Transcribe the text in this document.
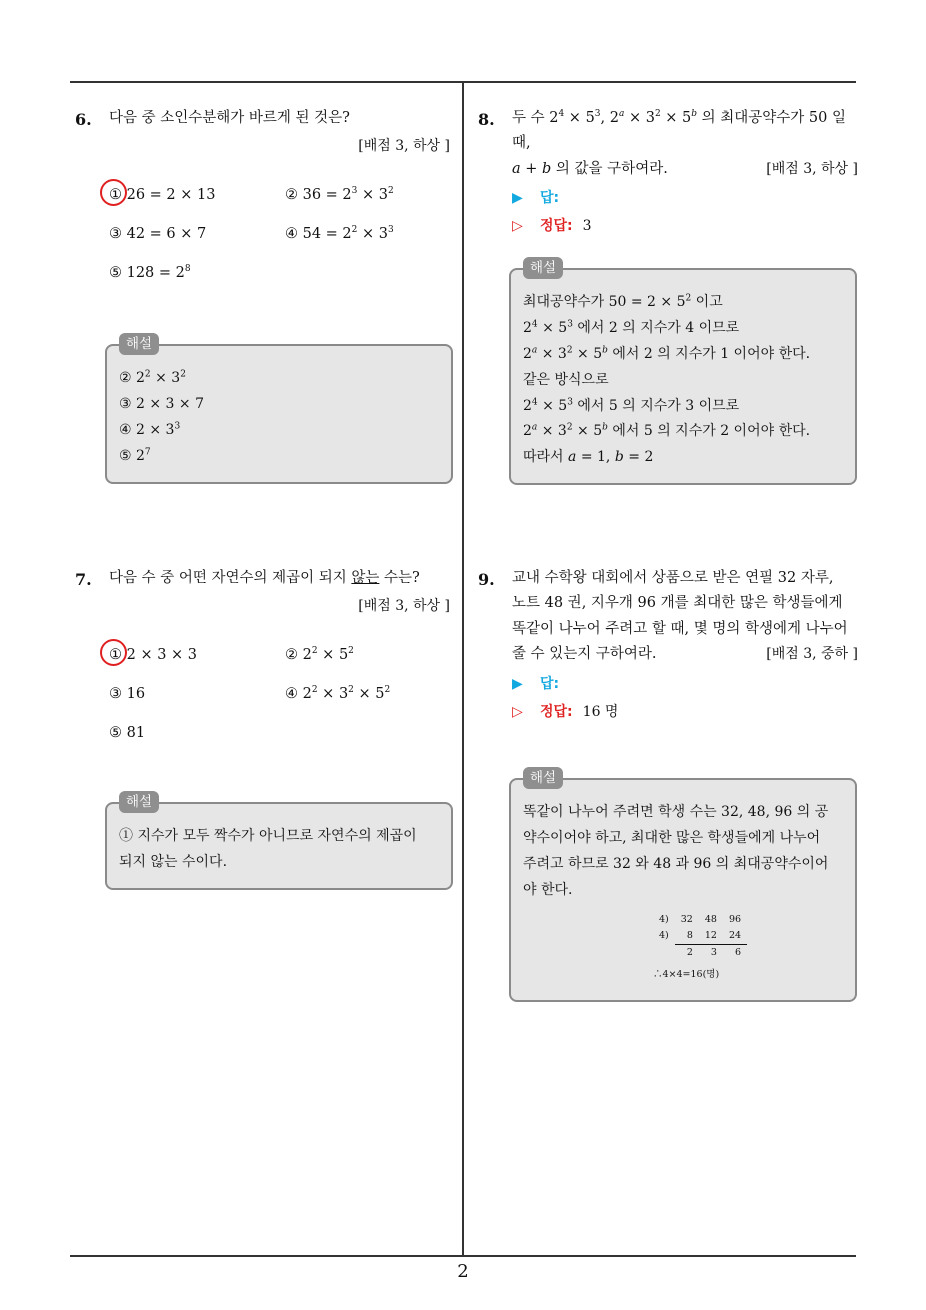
6.	다음 중 소인수분해가 바르게 된 것은?
[배점 3, 하상 ]
① 26 = 2 × 13	② $36 = 2^3 \times 3^2$
③ 42 = 6 × 7	④ $54 = 2^2 \times 3^3$
⑤ $128 = 2^8$
해설
② $2^2 \times 3^2$
③ 2 × 3 × 7
④ $2 \times 3^3$
⑤ $2^7$
7.	다음 수 중 어떤 자연수의 제곱이 되지 않는 수는?
[배점 3, 하상 ]
① 2 × 3 × 3	② $2^2 \times 5^2$
③ 16	④ $2^2 \times 3^2 \times 5^2$
⑤ 81
해설
① 지수가 모두 짝수가 아니므로 자연수의 제곱이
되지 않는 수이다.
8.	두 수 $2^4 \times 5^3$, $2^a \times 3^2 \times 5^b$ 의 최대공약수가 50 일 때,
a + b 의 값을 구하여라.	[배점 3, 하상 ]
▶	답:
▷	정답: 3
해설
최대공약수가 $50 = 2 \times 5^2$ 이고
$2^4 \times 5^3$ 에서 2 의 지수가 4 이므로
$2^a \times 3^2 \times 5^b$ 에서 2 의 지수가 1 이어야 한다.
같은 방식으로
$2^4 \times 5^3$ 에서 5 의 지수가 3 이므로
$2^a \times 3^2 \times 5^b$ 에서 5 의 지수가 2 이어야 한다.
따라서 a = 1, b = 2
9.	교내 수학왕 대회에서 상품으로 받은 연필 32 자루,
노트 48 권, 지우개 96 개를 최대한 많은 학생들에게
똑같이 나누어 주려고 할 때, 몇 명의 학생에게 나누어
줄 수 있는지 구하여라.	[배점 3, 중하 ]
▶	답:
▷	정답: 16 명
해설
똑같이 나누어 주려면 학생 수는 32, 48, 96 의 공
약수이어야 하고, 최대한 많은 학생들에게 나누어
주려고 하므로 32 와 48 과 96 의 최대공약수이어
야 한다.
4)	32	48	96
4)	8	12	24
	2	3	6
∴4×4=16(명)
2
